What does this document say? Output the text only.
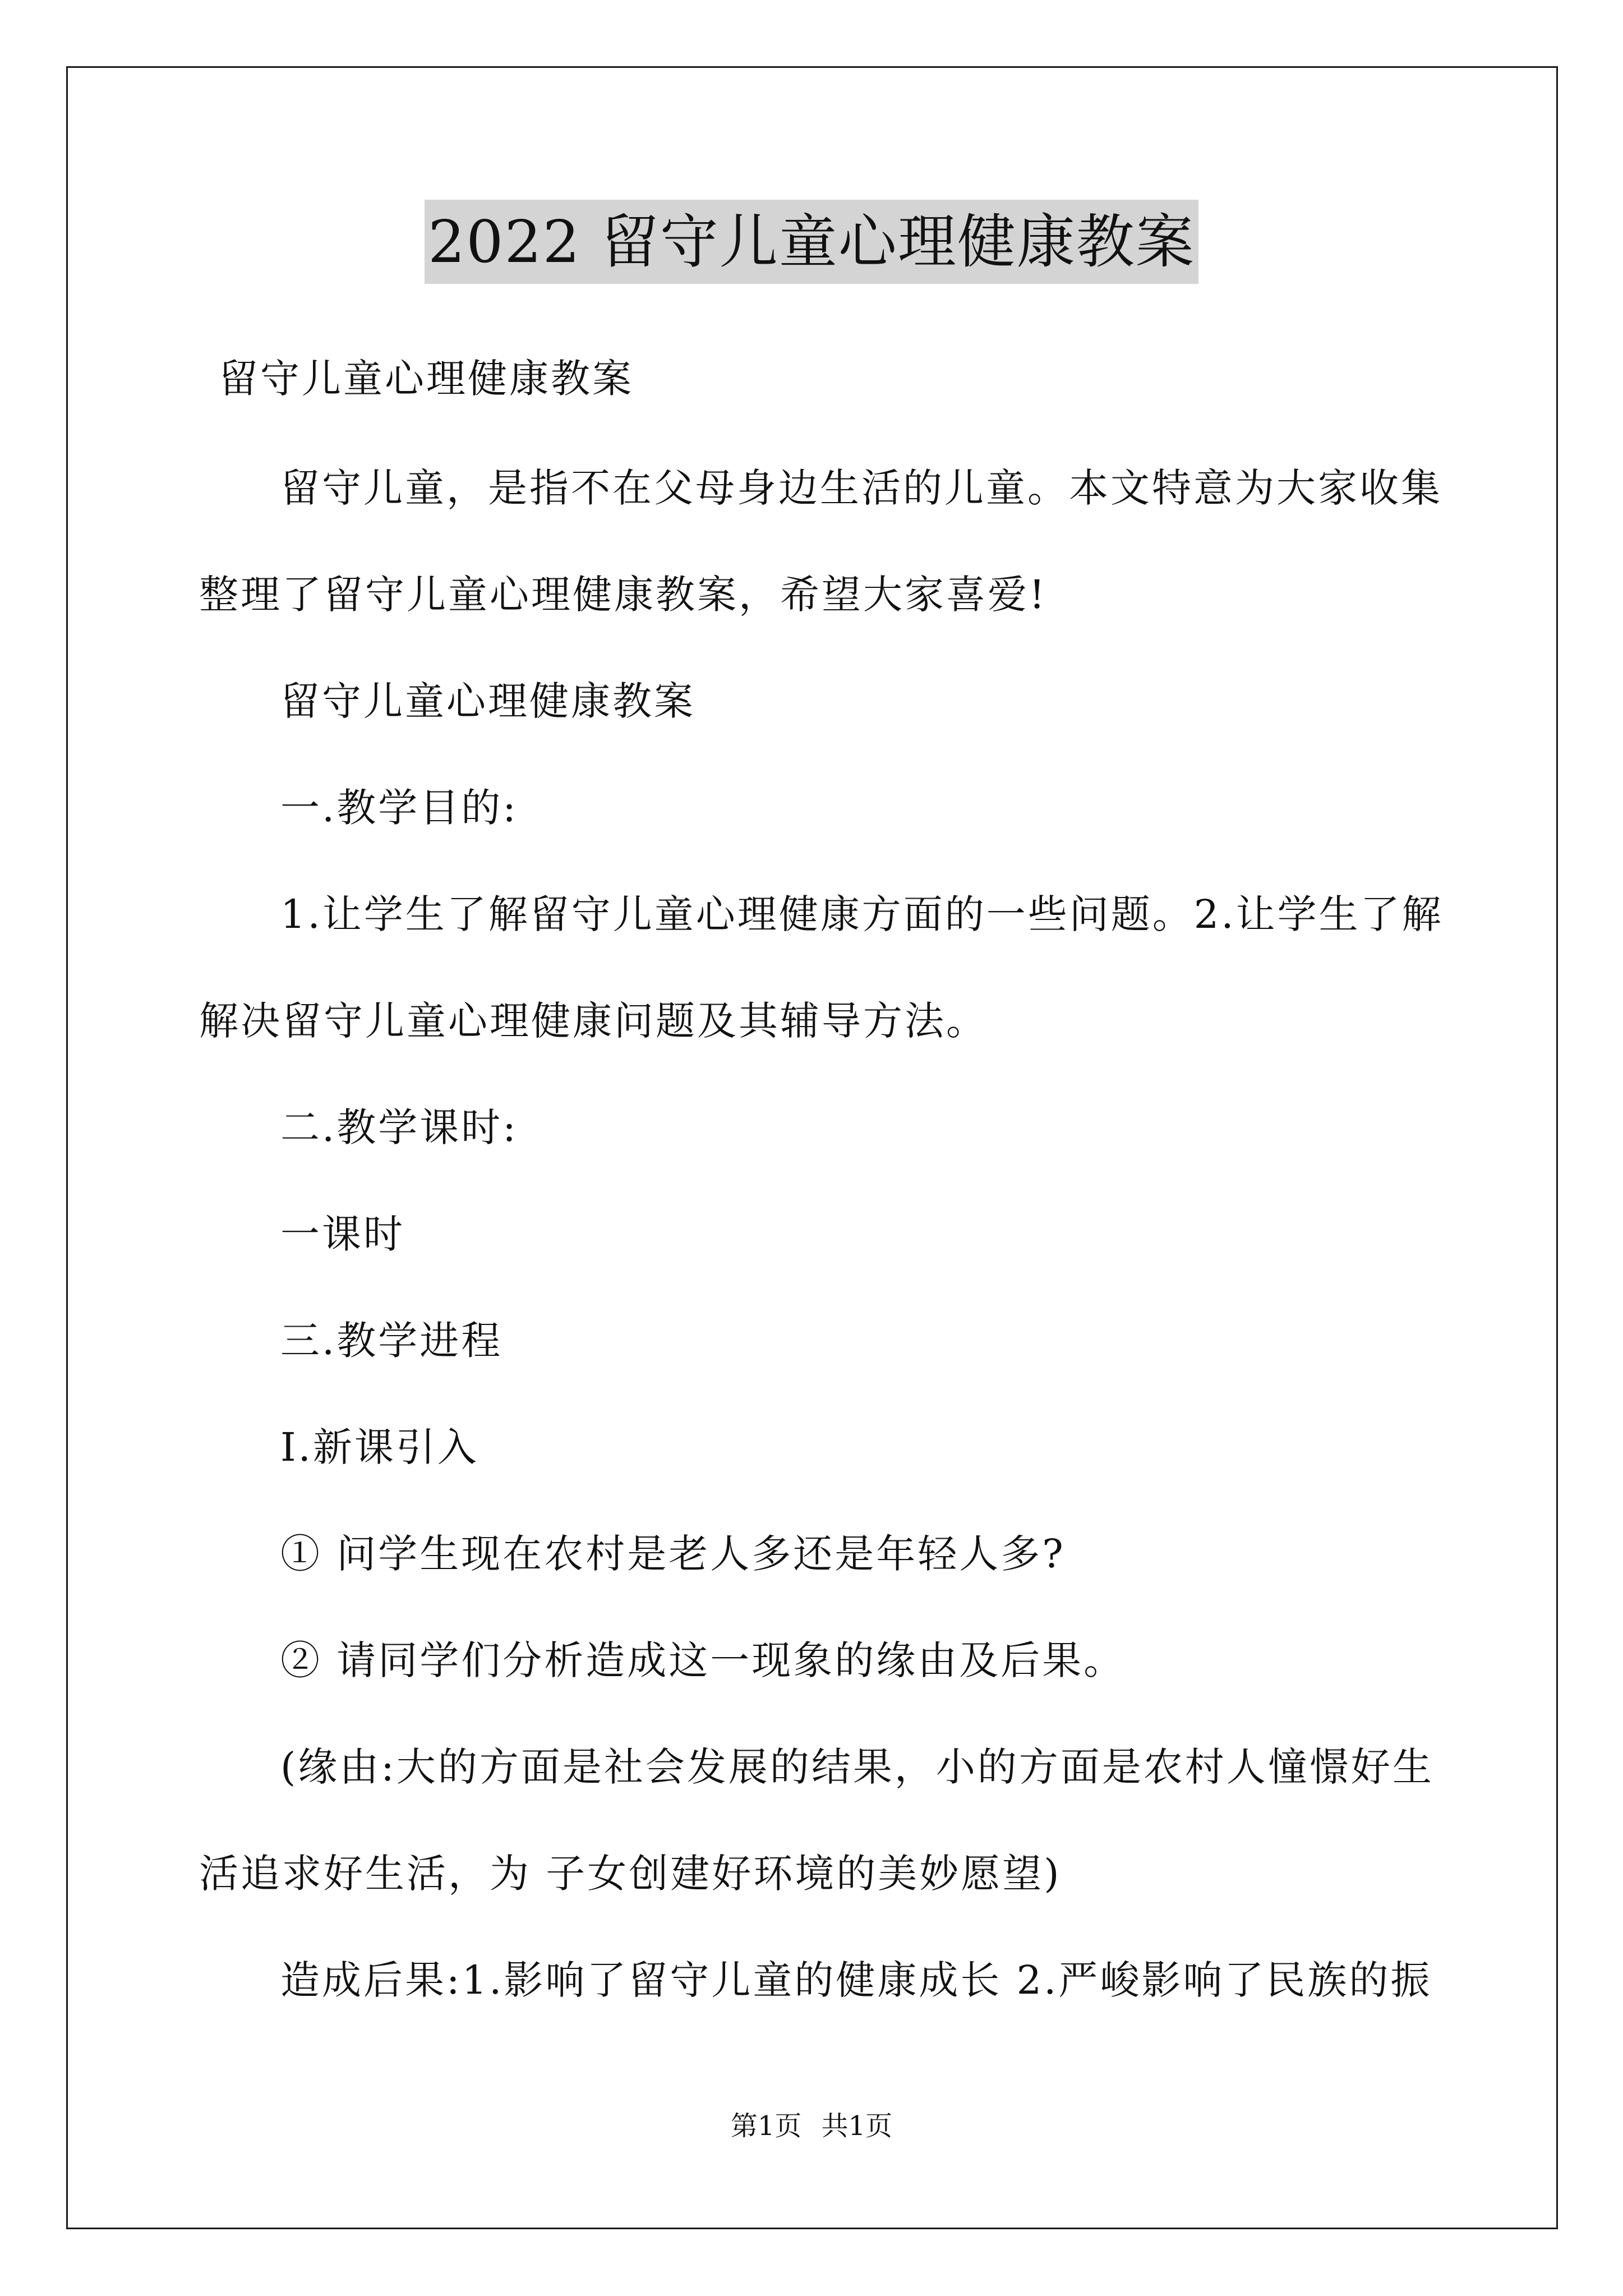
2022 留守儿童心理健康教案
留守儿童心理健康教案
留守儿童，是指不在父母身边生活的儿童。本文特意为大家收集
整理了留守儿童心理健康教案，希望大家喜爱!
留守儿童心理健康教案
一.教学目的:
1.让学生了解留守儿童心理健康方面的一些问题。2.让学生了解
解决留守儿童心理健康问题及其辅导方法。
二.教学课时:
一课时
三.教学进程
Ⅰ.新课引入
① 问学生现在农村是老人多还是年轻人多?
② 请同学们分析造成这一现象的缘由及后果。
(缘由:大的方面是社会发展的结果，小的方面是农村人憧憬好生
活追求好生活，为 子女创建好环境的美妙愿望)
造成后果:1.影响了留守儿童的健康成长 2.严峻影响了民族的振
第1页 共1页
